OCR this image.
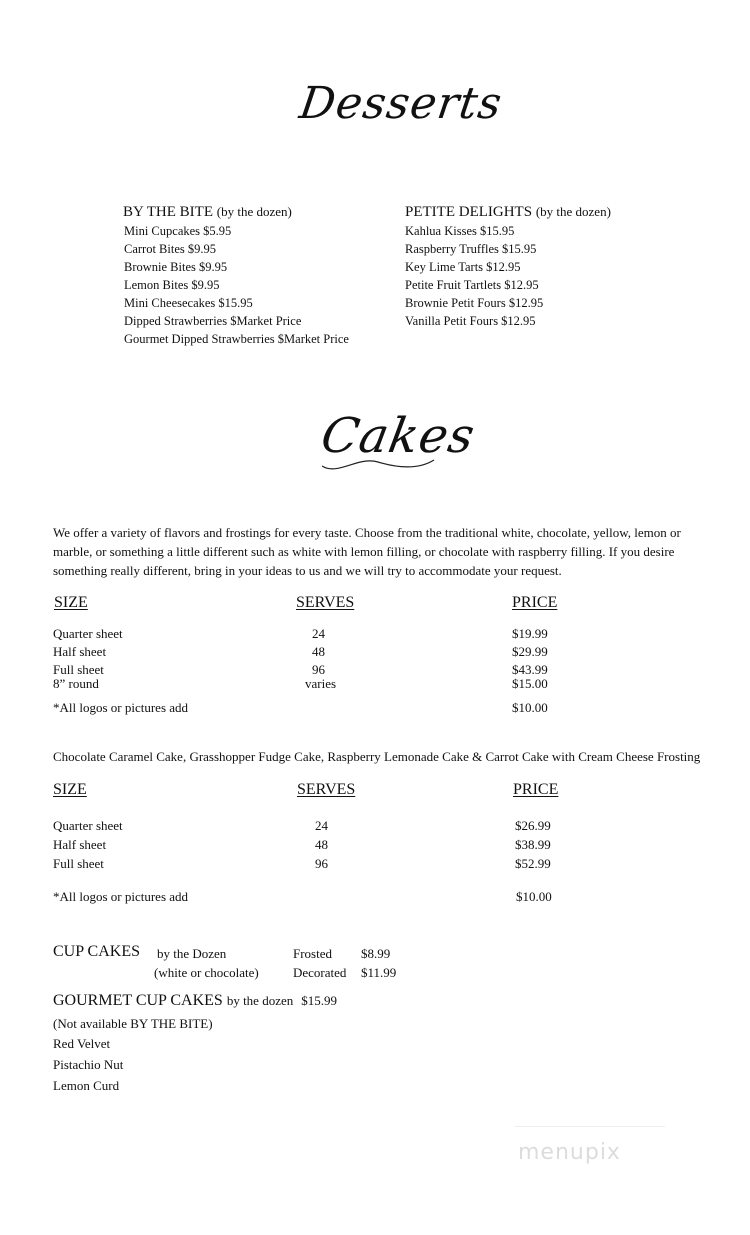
Desserts
BY THE BITE (by the dozen)
Mini Cupcakes $5.95
Carrot Bites $9.95
Brownie Bites $9.95
Lemon Bites $9.95
Mini Cheesecakes $15.95
Dipped Strawberries $Market Price
Gourmet Dipped Strawberries $Market Price
PETITE DELIGHTS (by the dozen)
Kahlua Kisses $15.95
Raspberry Truffles $15.95
Key Lime Tarts $12.95
Petite Fruit Tartlets $12.95
Brownie Petit Fours $12.95
Vanilla Petit Fours $12.95
Cakes
We offer a variety of flavors and frostings for every taste. Choose from the traditional white, chocolate, yellow, lemon or marble, or something a little different such as white with lemon filling, or chocolate with raspberry filling. If you desire something really different, bring in your ideas to us and we will try to accommodate your request.
SIZE	SERVES	PRICE
Quarter sheet	24	$19.99
Half sheet	48	$29.99
Full sheet	96	$43.99
8” round	varies	$15.00
*All logos or pictures add	$10.00
Chocolate Caramel Cake, Grasshopper Fudge Cake, Raspberry Lemonade Cake & Carrot Cake with Cream Cheese Frosting
SIZE	SERVES	PRICE
Quarter sheet	24	$26.99
Half sheet	48	$38.99
Full sheet	96	$52.99
*All logos or pictures add	$10.00
CUP CAKES by the Dozen
(white or chocolate)
Frosted $8.99
Decorated $11.99
GOURMET CUP CAKES by the dozen $15.99
(Not available BY THE BITE)
Red Velvet
Pistachio Nut
Lemon Curd
menupix
